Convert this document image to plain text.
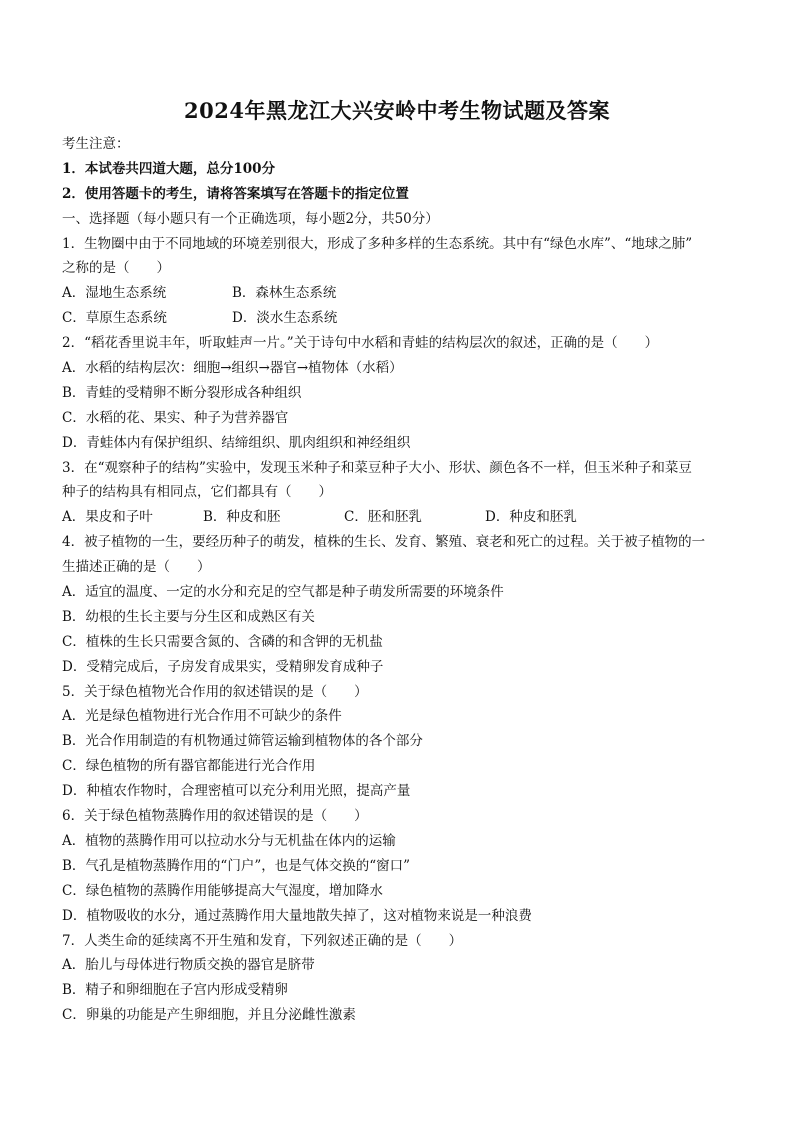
2024年黑龙江大兴安岭中考生物试题及答案
考生注意：
1．本试卷共四道大题，总分100分
2．使用答题卡的考生，请将答案填写在答题卡的指定位置
一、选择题（每小题只有一个正确选项，每小题2分，共50分）
1．生物圈中由于不同地域的环境差别很大，形成了多种多样的生态系统。其中有“绿色水库”、“地球之肺”
之称的是（　　）
A．湿地生态系统	B．森林生态系统
C．草原生态系统	D．淡水生态系统
2．“稻花香里说丰年，听取蛙声一片。”关于诗句中水稻和青蛙的结构层次的叙述，正确的是（　　）
A．水稻的结构层次：细胞→组织→器官→植物体（水稻）
B．青蛙的受精卵不断分裂形成各种组织
C．水稻的花、果实、种子为营养器官
D．青蛙体内有保护组织、结缔组织、肌肉组织和神经组织
3．在“观察种子的结构”实验中，发现玉米种子和菜豆种子大小、形状、颜色各不一样，但玉米种子和菜豆
种子的结构具有相同点，它们都具有（　　）
A．果皮和子叶	B．种皮和胚	C．胚和胚乳	D．种皮和胚乳
4．被子植物的一生，要经历种子的萌发，植株的生长、发育、繁殖、衰老和死亡的过程。关于被子植物的一
生描述正确的是（　　）
A．适宜的温度、一定的水分和充足的空气都是种子萌发所需要的环境条件
B．幼根的生长主要与分生区和成熟区有关
C．植株的生长只需要含氮的、含磷的和含钾的无机盐
D．受精完成后，子房发育成果实，受精卵发育成种子
5．关于绿色植物光合作用的叙述错误的是（　　）
A．光是绿色植物进行光合作用不可缺少的条件
B．光合作用制造的有机物通过筛管运输到植物体的各个部分
C．绿色植物的所有器官都能进行光合作用
D．种植农作物时，合理密植可以充分利用光照，提高产量
6．关于绿色植物蒸腾作用的叙述错误的是（　　）
A．植物的蒸腾作用可以拉动水分与无机盐在体内的运输
B．气孔是植物蒸腾作用的“门户”，也是气体交换的“窗口”
C．绿色植物的蒸腾作用能够提高大气湿度，增加降水
D．植物吸收的水分，通过蒸腾作用大量地散失掉了，这对植物来说是一种浪费
7．人类生命的延续离不开生殖和发育，下列叙述正确的是（　　）
A．胎儿与母体进行物质交换的器官是脐带
B．精子和卵细胞在子宫内形成受精卵
C．卵巢的功能是产生卵细胞，并且分泌雌性激素
